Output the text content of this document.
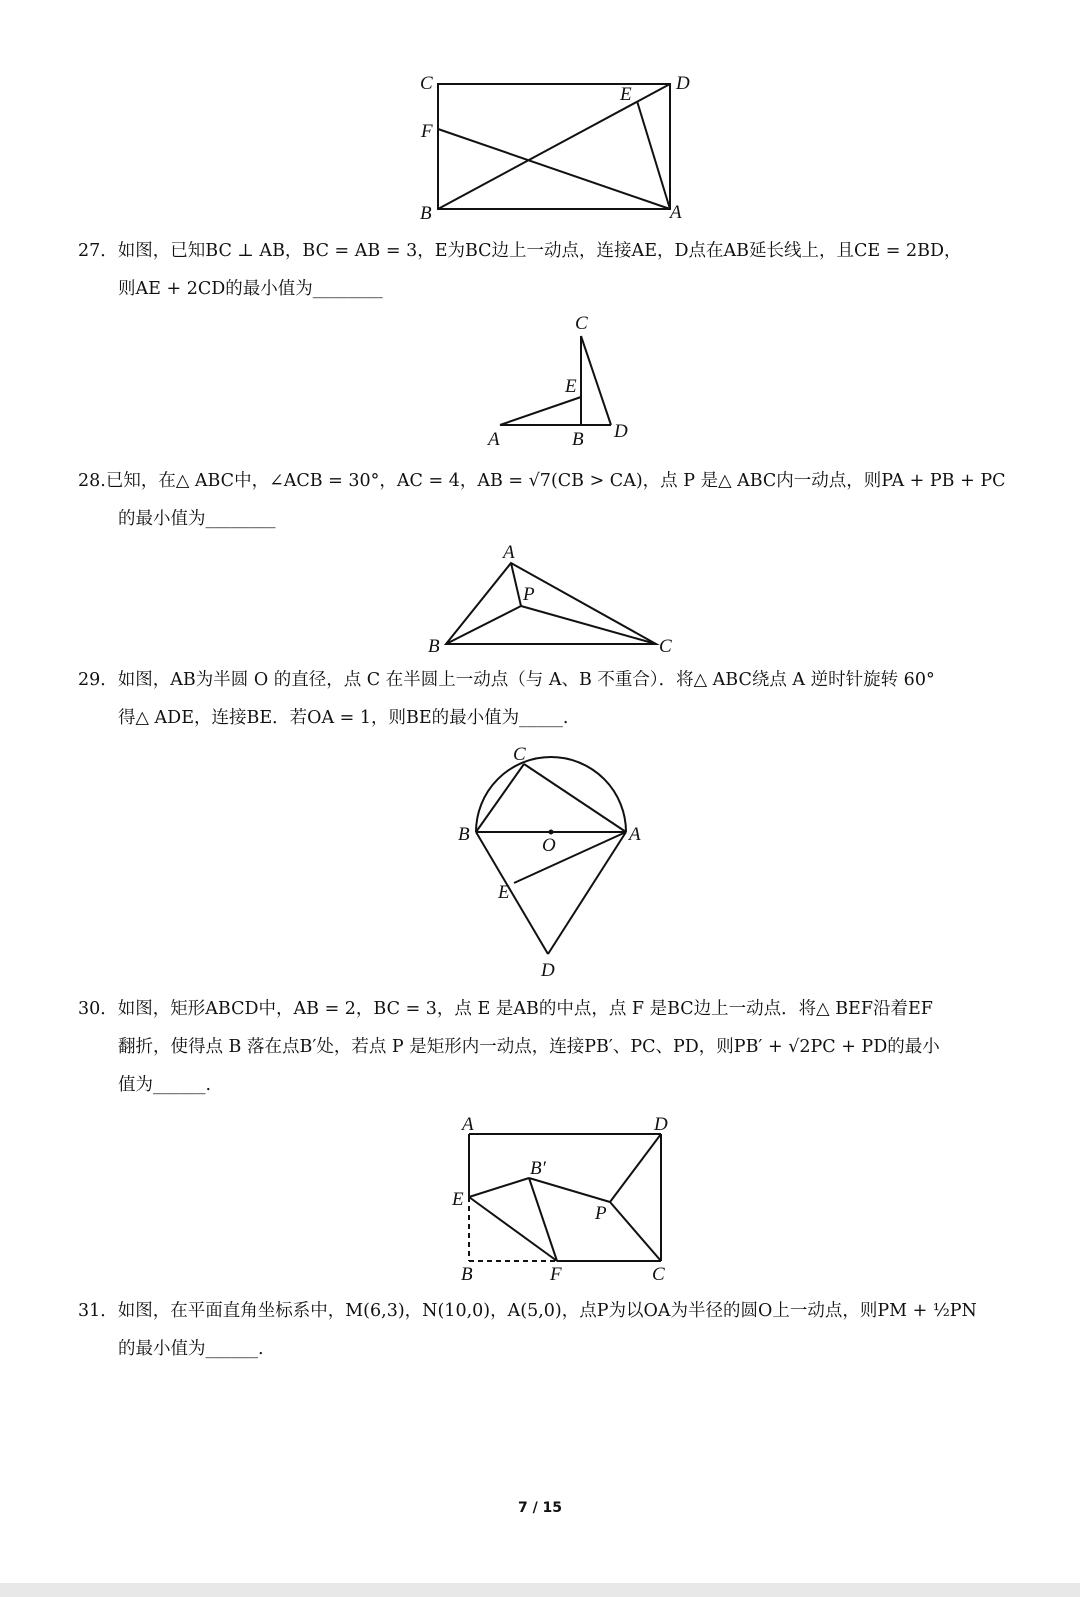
C	D
E
F
B	A
27．如图，已知BC ⊥ AB，BC = AB = 3，E为BC边上一动点，连接AE，D点在AB延长线上，且CE = 2BD，
则AE + 2CD的最小值为________
C
E
A	B D
28.已知，在△ ABC中，∠ACB = 30°，AC = 4，AB = √7(CB > CA)，点 P 是△ ABC内一动点，则PA + PB + PC
的最小值为________
A
P
B	C
29．如图，AB为半圆 O 的直径，点 C 在半圆上一动点（与 A、B 不重合）．将△ ABC绕点 A 逆时针旋转 60°
得△ ADE，连接BE．若OA = 1，则BE的最小值为_____.
C
B
O
A
E
D
30．如图，矩形ABCD中，AB = 2，BC = 3，点 E 是AB的中点，点 F 是BC边上一动点．将△ BEF沿着EF
翻折，使得点 B 落在点B′处，若点 P 是矩形内一动点，连接PB′、PC、PD，则PB′ + √2PC + PD的最小
值为______.
A	D
B′
E
P
B	F	C
31．如图，在平面直角坐标系中，M(6,3)，N(10,0)，A(5,0)，点P为以OA为半径的圆O上一动点，则PM + ½PN
的最小值为______.
7 / 15
